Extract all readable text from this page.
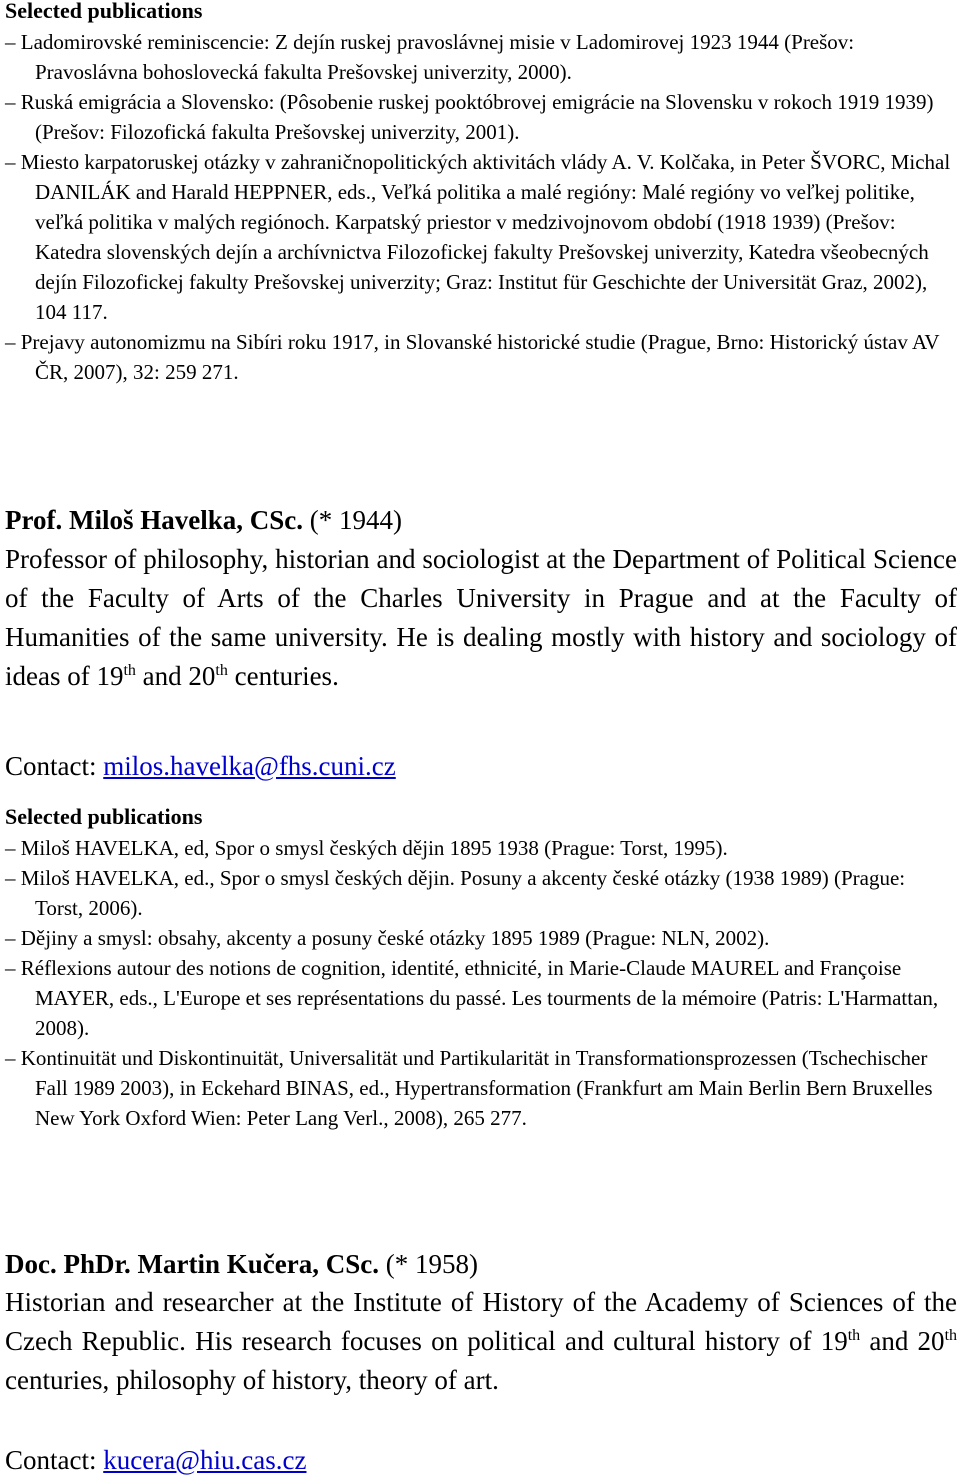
Selected publications
– Ladomirovské reminiscencie: Z dejín ruskej pravoslávnej misie v Ladomirovej 1923 1944 (Prešov: Pravoslávna bohoslovecká fakulta Prešovskej univerzity, 2000).
– Ruská emigrácia a Slovensko: (Pôsobenie ruskej pooktóbrovej emigrácie na Slovensku v rokoch 1919 1939) (Prešov: Filozofická fakulta Prešovskej univerzity, 2001).
– Miesto karpatoruskej otázky v zahraničnopolitických aktivitách vlády A. V. Kolčaka, in Peter ŠVORC, Michal DANILÁK and Harald HEPPNER, eds., Veľká politika a malé regióny: Malé regióny vo veľkej politike, veľká politika v malých regiónoch. Karpatský priestor v medzivojnovom období (1918 1939) (Prešov: Katedra slovenských dejín a archívnictva Filozofickej fakulty Prešovskej univerzity, Katedra všeobecných dejín Filozofickej fakulty Prešovskej univerzity; Graz: Institut für Geschichte der Universität Graz, 2002), 104 117.
– Prejavy autonomizmu na Sibíri roku 1917, in Slovanské historické studie (Prague, Brno: Historický ústav AV ČR, 2007), 32: 259 271.
Prof. Miloš Havelka, CSc. (* 1944)
Professor of philosophy, historian and sociologist at the Department of Political Science of the Faculty of Arts of the Charles University in Prague and at the Faculty of Humanities of the same university. He is dealing mostly with history and sociology of ideas of 19th and 20th centuries.
Contact: milos.havelka@fhs.cuni.cz
Selected publications
– Miloš HAVELKA, ed, Spor o smysl českých dějin 1895 1938 (Prague: Torst, 1995).
– Miloš HAVELKA, ed., Spor o smysl českých dějin. Posuny a akcenty české otázky (1938 1989) (Prague: Torst, 2006).
– Dějiny a smysl: obsahy, akcenty a posuny české otázky 1895 1989 (Prague: NLN, 2002).
– Réflexions autour des notions de cognition, identité, ethnicité, in Marie-Claude MAUREL and Françoise MAYER, eds., L'Europe et ses représentations du passé. Les tourments de la mémoire (Patris: L'Harmattan, 2008).
– Kontinuität und Diskontinuität, Universalität und Partikularität in Transformationsprozessen (Tschechischer Fall 1989 2003), in Eckehard BINAS, ed., Hypertransformation (Frankfurt am Main Berlin Bern Bruxelles New York Oxford Wien: Peter Lang Verl., 2008), 265 277.
Doc. PhDr. Martin Kučera, CSc. (* 1958)
Historian and researcher at the Institute of History of the Academy of Sciences of the Czech Republic. His research focuses on political and cultural history of 19th and 20th centuries, philosophy of history, theory of art.
Contact: kucera@hiu.cas.cz
